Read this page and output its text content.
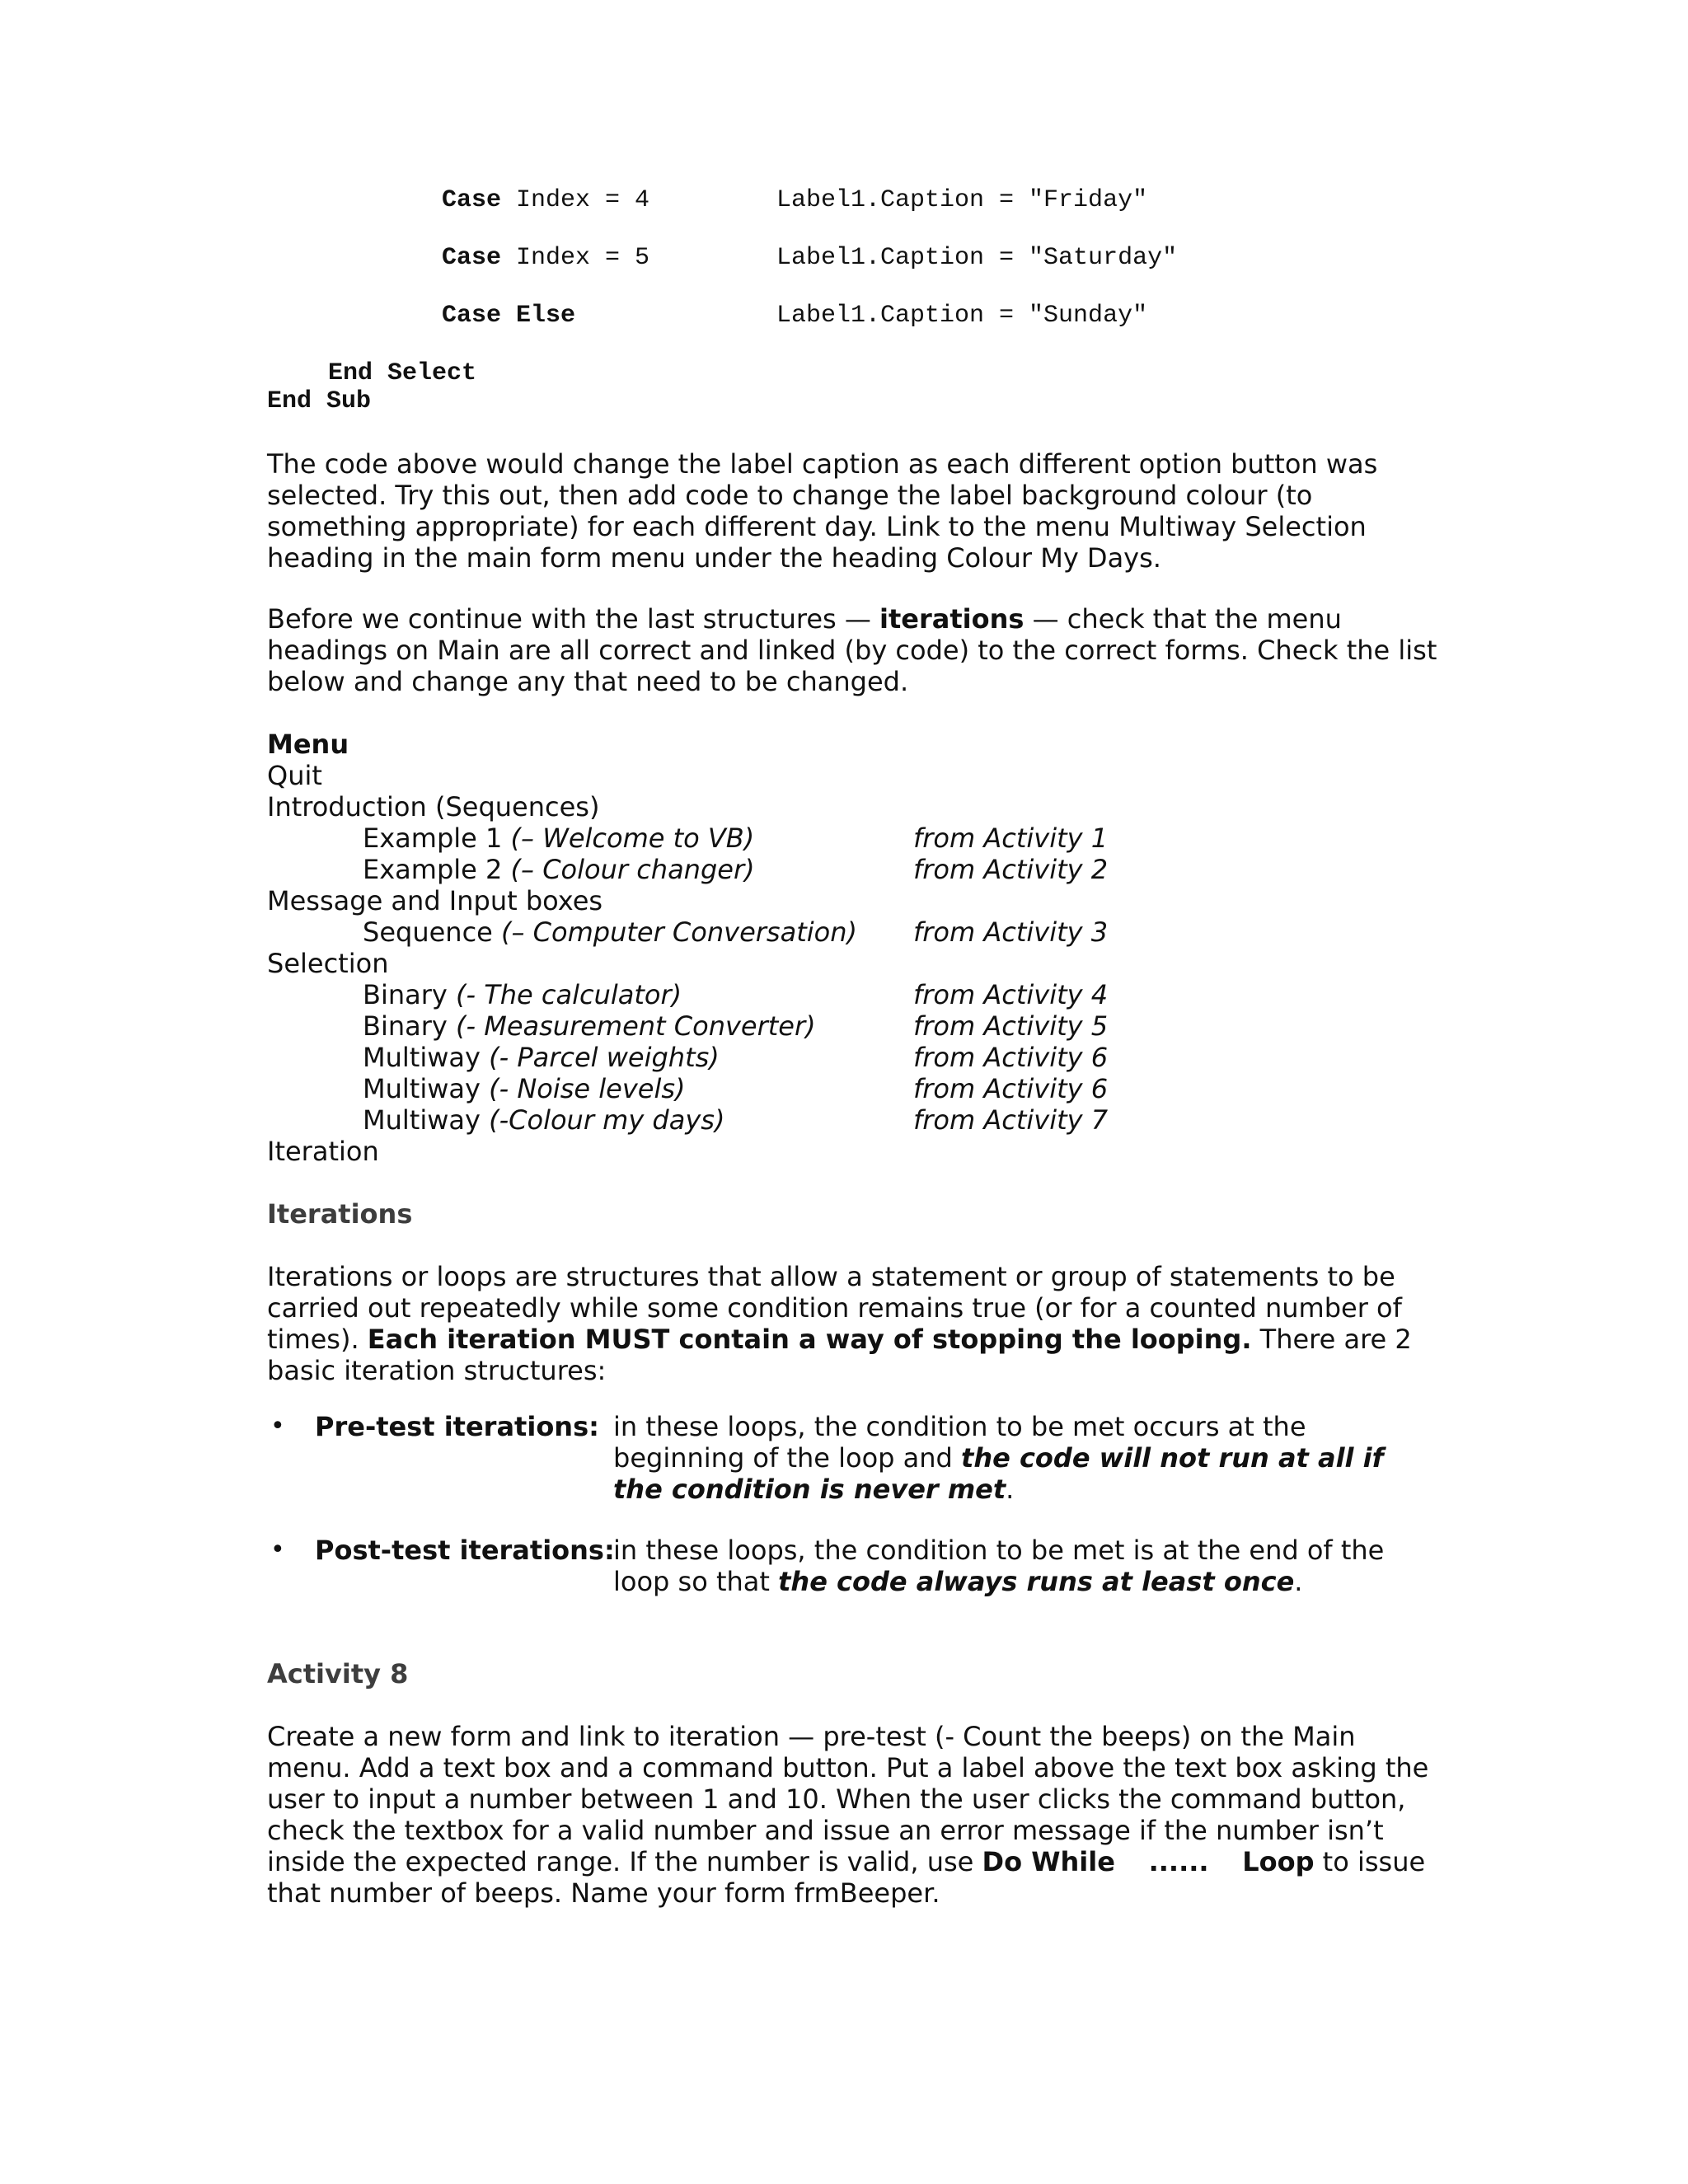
Case Index = 4	Label1.Caption = "Friday"
Case Index = 5	Label1.Caption = "Saturday"
Case Else	Label1.Caption = "Sunday"
End Select
End Sub
The code above would change the label caption as each different option button was selected. Try this out, then add code to change the label background colour (to something appropriate) for each different day. Link to the menu Multiway Selection heading in the main form menu under the heading Colour My Days.
Before we continue with the last structures — iterations — check that the menu headings on Main are all correct and linked (by code) to the correct forms. Check the list below and change any that need to be changed.
Menu
Quit
Introduction (Sequences)
Example 1 (– Welcome to VB)	from Activity 1
Example 2 (– Colour changer)	from Activity 2
Message and Input boxes
Sequence (– Computer Conversation) from Activity 3
Selection
Binary (- The calculator)	from Activity 4
Binary (- Measurement Converter)	from Activity 5
Multiway (- Parcel weights)	from Activity 6
Multiway (- Noise levels)	from Activity 6
Multiway (-Colour my days)	from Activity 7
Iteration
Iterations
Iterations or loops are structures that allow a statement or group of statements to be carried out repeatedly while some condition remains true (or for a counted number of times). Each iteration MUST contain a way of stopping the looping. There are 2 basic iteration structures:
• Pre-test iterations: in these loops, the condition to be met occurs at the beginning of the loop and the code will not run at all if the condition is never met.
• Post-test iterations:
in these loops, the condition to be met is at the end of the loop so that the code always runs at least once.
Activity 8
Create a new form and link to iteration — pre-test (- Count the beeps) on the Main menu. Add a text box and a command button. Put a label above the text box asking the user to input a number between 1 and 10. When the user clicks the command button, check the textbox for a valid number and issue an error message if the number isn’t inside the expected range. If the number is valid, use Do While ...... Loop to issue that number of beeps. Name your form frmBeeper.
